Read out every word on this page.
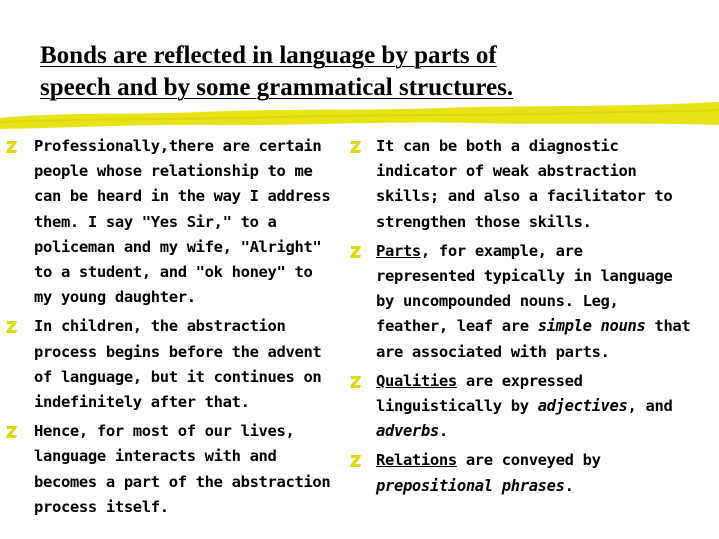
Bonds are reflected in language by parts of
speech and by some grammatical structures.
Professionally,there are certain
people whose relationship to me
can be heard in the way I address
them. I say "Yes Sir," to a
policeman and my wife, "Alright"
to a student, and "ok honey" to
my young daughter.
In children, the abstraction
process begins before the advent
of language, but it continues on
indefinitely after that.
Hence, for most of our lives,
language interacts with and
becomes a part of the abstraction
process itself.
It can be both a diagnostic
indicator of weak abstraction
skills; and also a facilitator to
strengthen those skills.
Parts, for example, are
represented typically in language
by uncompounded nouns. Leg,
feather, leaf are simple nouns that
are associated with parts.
Qualities are expressed
linguistically by adjectives, and
adverbs.
Relations are conveyed by
prepositional phrases.
